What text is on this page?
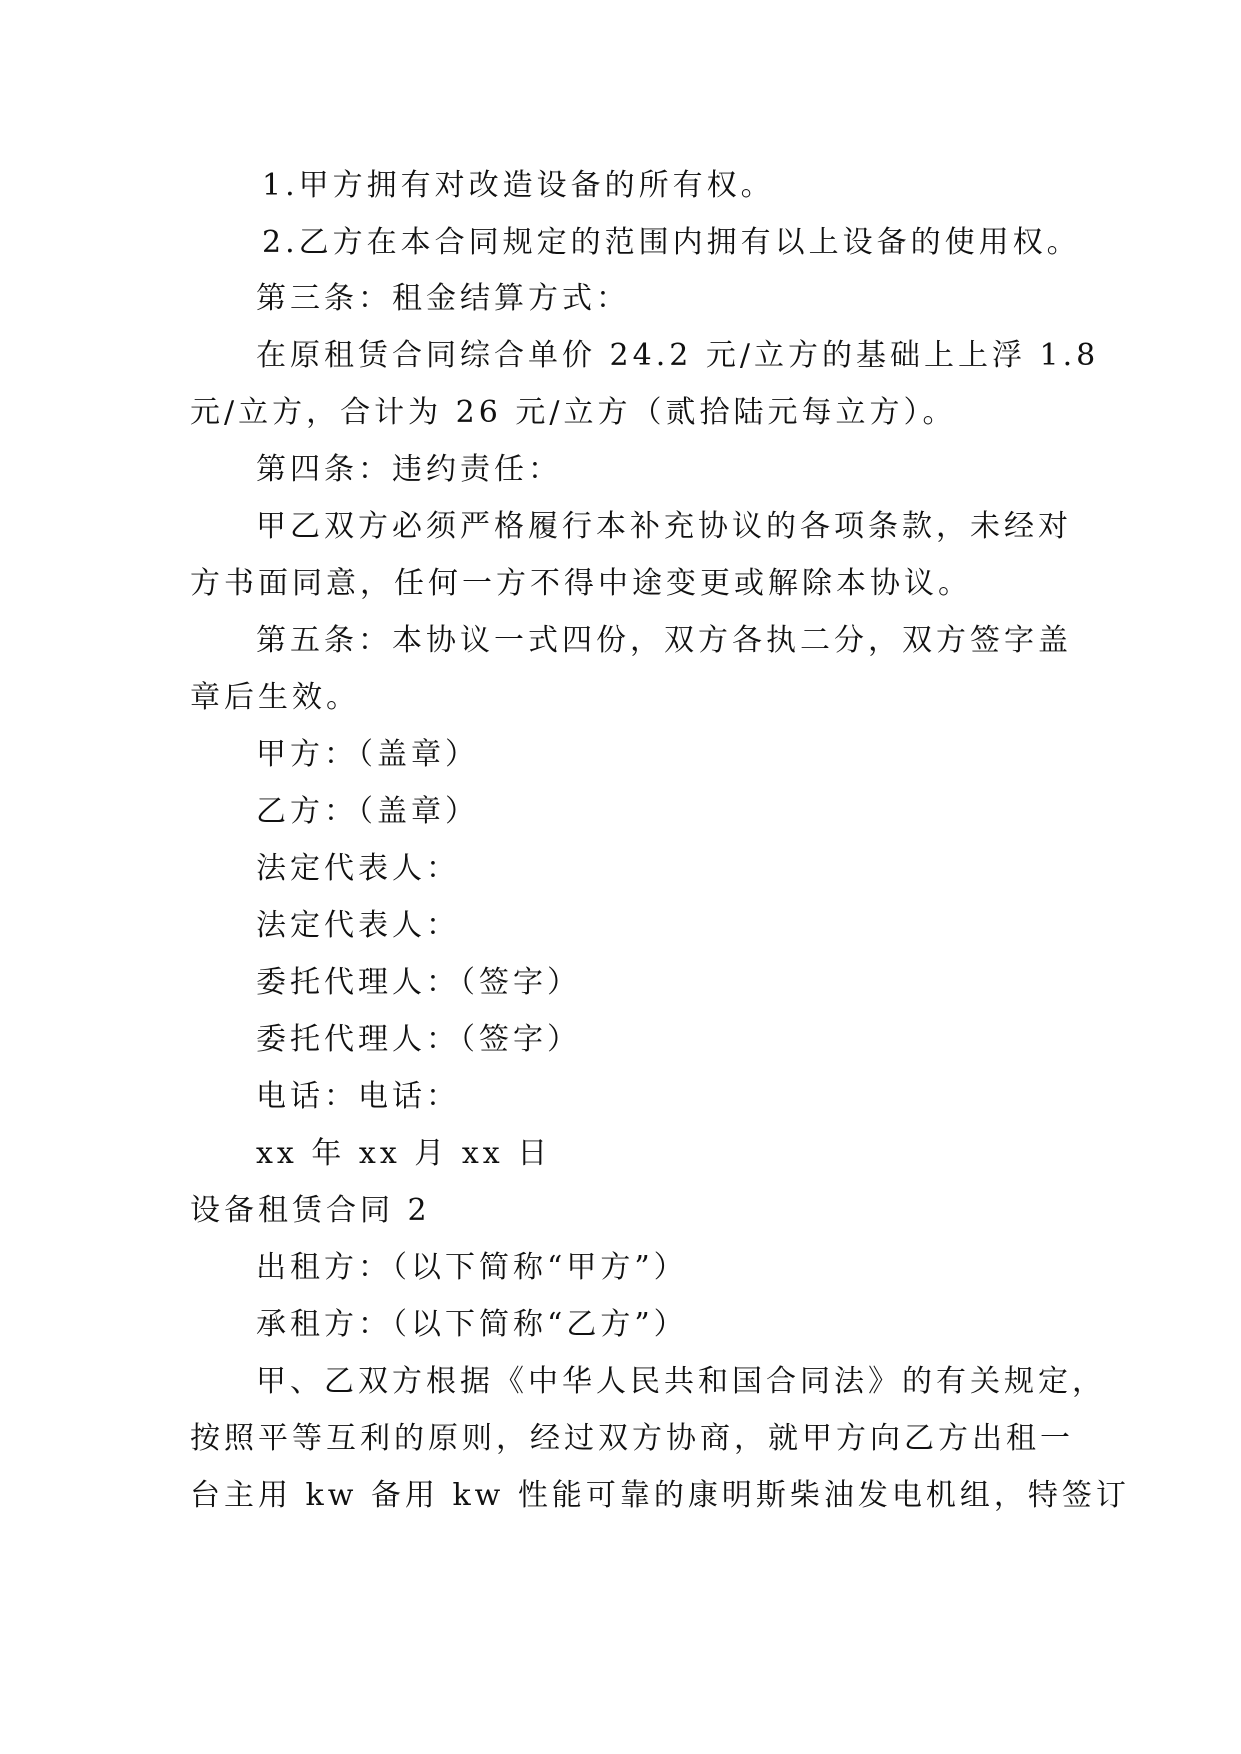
1.甲方拥有对改造设备的所有权。
2.乙方在本合同规定的范围内拥有以上设备的使用权。
第三条：租金结算方式：
在原租赁合同综合单价 24.2 元/立方的基础上上浮 1.8
元/立方，合计为 26 元/立方（贰拾陆元每立方）。
第四条：违约责任：
甲乙双方必须严格履行本补充协议的各项条款，未经对
方书面同意，任何一方不得中途变更或解除本协议。
第五条：本协议一式四份，双方各执二分，双方签字盖
章后生效。
甲方：（盖章）
乙方：（盖章）
法定代表人：
法定代表人：
委托代理人：（签字）
委托代理人：（签字）
电话：电话：
xx 年 xx 月 xx 日
设备租赁合同 2
出租方：（以下简称“甲方”）
承租方：（以下简称“乙方”）
甲、乙双方根据《中华人民共和国合同法》的有关规定，
按照平等互利的原则，经过双方协商，就甲方向乙方出租一
台主用 kw 备用 kw 性能可靠的康明斯柴油发电机组，特签订
